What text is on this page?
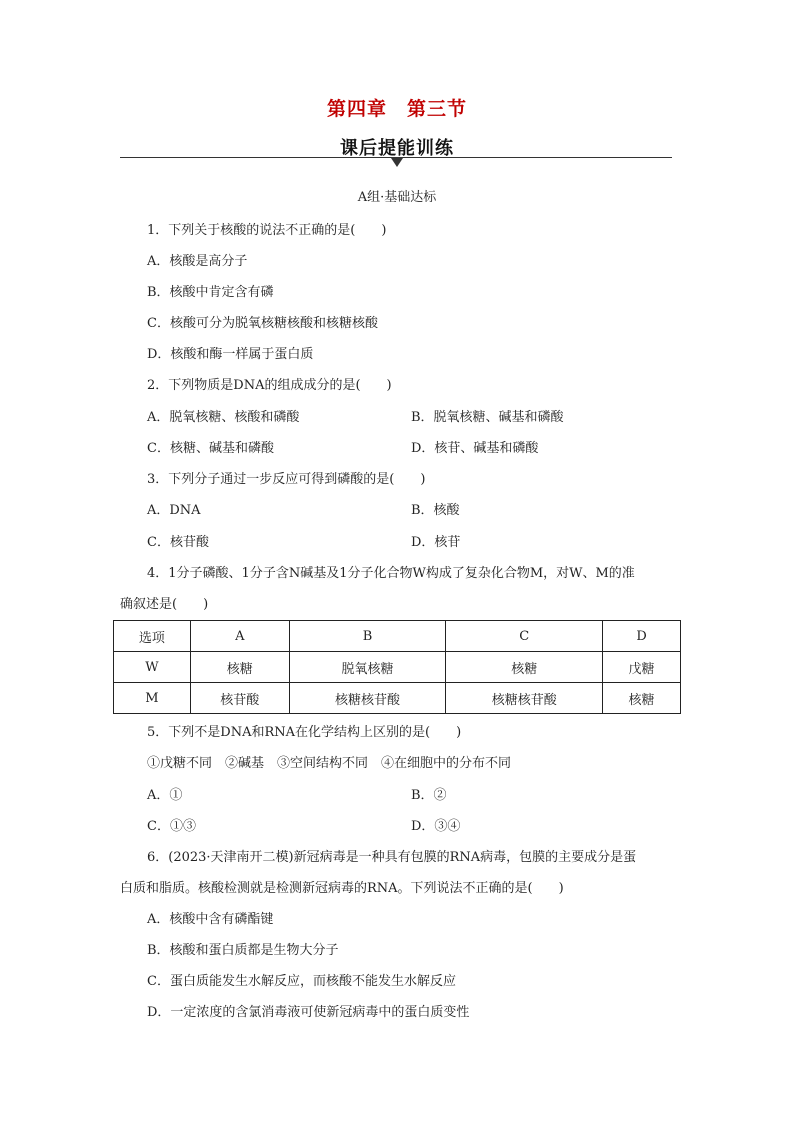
第四章　第三节
课后提能训练
A组·基础达标
1．下列关于核酸的说法不正确的是(　　)
A．核酸是高分子
B．核酸中肯定含有磷
C．核酸可分为脱氧核糖核酸和核糖核酸
D．核酸和酶一样属于蛋白质
2．下列物质是DNA的组成成分的是(　　)
A．脱氧核糖、核酸和磷酸	B．脱氧核糖、碱基和磷酸
C．核糖、碱基和磷酸	D．核苷、碱基和磷酸
3．下列分子通过一步反应可得到磷酸的是(　　)
A．DNA	B．核酸
C．核苷酸	D．核苷
4．1分子磷酸、1分子含N碱基及1分子化合物W构成了复杂化合物M，对W、M的准
确叙述是(　　)
选项	A	B	C	D
W	核糖	脱氧核糖	核糖	戊糖
M	核苷酸	核糖核苷酸	核糖核苷酸	核糖
5．下列不是DNA和RNA在化学结构上区别的是(　　)
①戊糖不同　②碱基　③空间结构不同　④在细胞中的分布不同
A．①	B．②
C．①③	D．③④
6．(2023·天津南开二模)新冠病毒是一种具有包膜的RNA病毒，包膜的主要成分是蛋
白质和脂质。核酸检测就是检测新冠病毒的RNA。下列说法不正确的是(　　)
A．核酸中含有磷酯键
B．核酸和蛋白质都是生物大分子
C．蛋白质能发生水解反应，而核酸不能发生水解反应
D．一定浓度的含氯消毒液可使新冠病毒中的蛋白质变性
